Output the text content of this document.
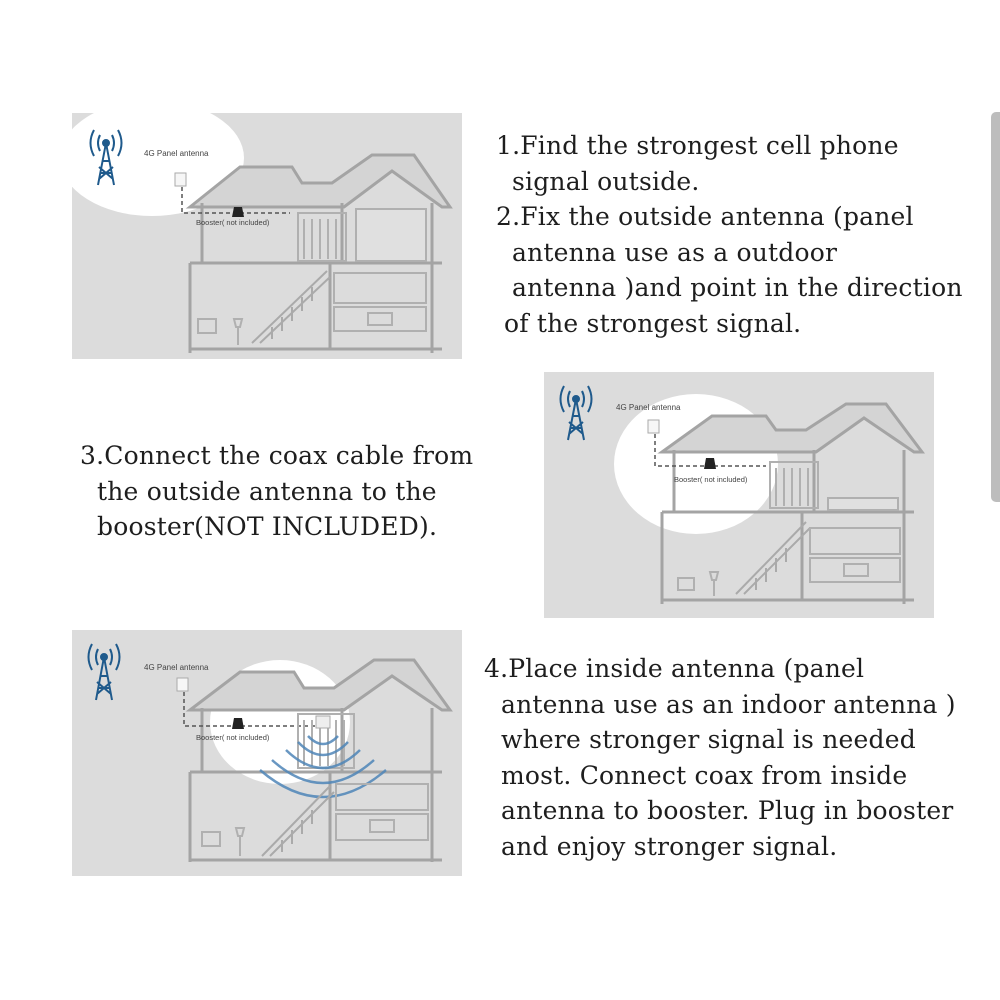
4G Panel antenna
Booster( not included)
4G Panel antenna
Booster( not included)
4G Panel antenna
Booster( not included)
1.Find the strongest cell phone
signal outside.
2.Fix the outside antenna (panel
antenna use as a outdoor
antenna )and point in the direction
of the strongest signal.
3.Connect the coax cable from
the outside antenna to the
booster(NOT INCLUDED).
4.Place inside antenna (panel
antenna use as an indoor antenna )
where stronger signal is needed
most. Connect coax from inside
antenna to booster. Plug in booster
and enjoy stronger signal.
